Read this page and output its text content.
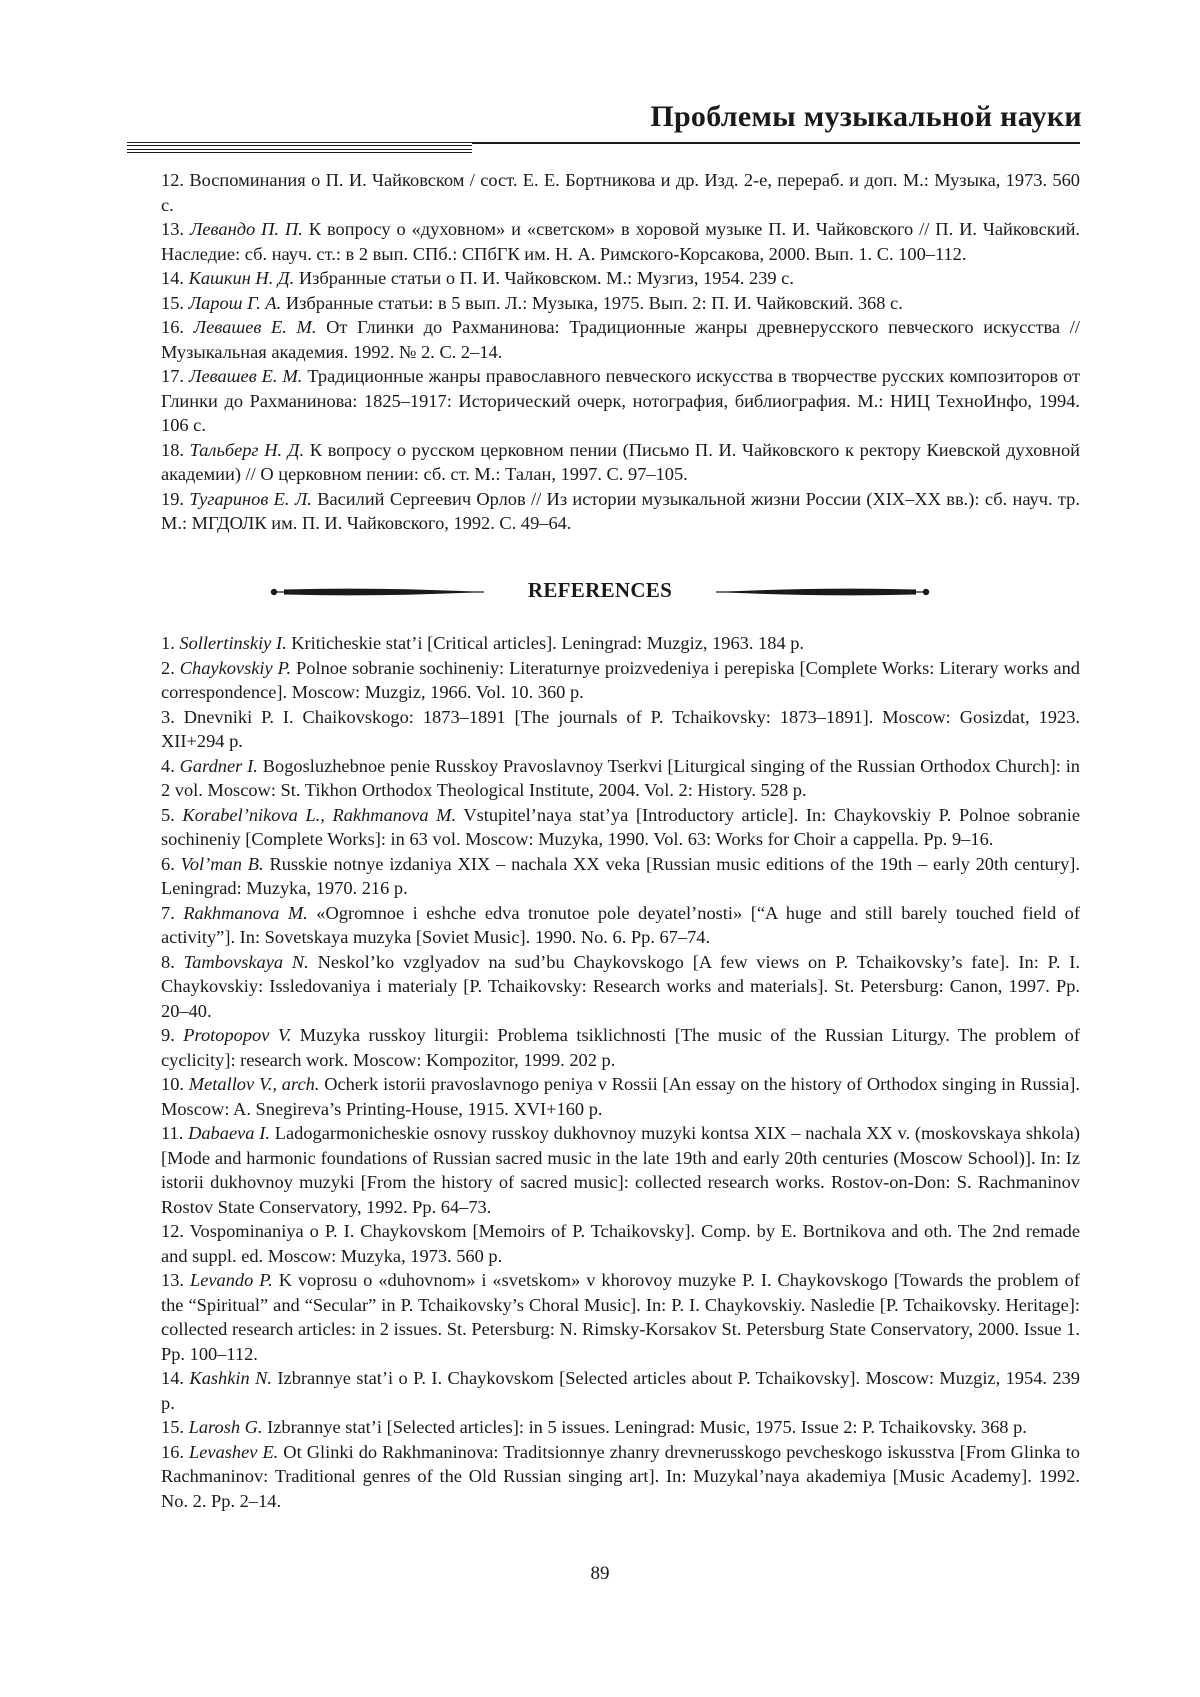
Проблемы музыкальной науки

12. Воспоминания о П. И. Чайковском / сост. Е. Е. Бортникова и др. Изд. 2-е, перераб. и доп. М.: Музыка, 1973. 560 с.

13. Левандо П. П. К вопросу о «духовном» и «светском» в хоровой музыке П. И. Чайковского // П. И. Чайковский. Наследие: сб. науч. ст.: в 2 вып. СПб.: СПбГК им. Н. А. Римского-Корсакова, 2000. Вып. 1. С. 100–112.

14. Кашкин Н. Д. Избранные статьи о П. И. Чайковском. М.: Музгиз, 1954. 239 с.

15. Ларош Г. А. Избранные статьи: в 5 вып. Л.: Музыка, 1975. Вып. 2: П. И. Чайковский. 368 с.

16. Левашев Е. М. От Глинки до Рахманинова: Традиционные жанры древнерусского певческого искусства // Музыкальная академия. 1992. № 2. С. 2–14.

17. Левашев Е. М. Традиционные жанры православного певческого искусства в творчестве русских композиторов от Глинки до Рахманинова: 1825–1917: Исторический очерк, нотография, библиография. М.: НИЦ ТехноИнфо, 1994. 106 с.

18. Тальберг Н. Д. К вопросу о русском церковном пении (Письмо П. И. Чайковского к ректору Киевской духовной академии) // О церковном пении: сб. ст. М.: Талан, 1997. С. 97–105.

19. Тугаринов Е. Л. Василий Сергеевич Орлов // Из истории музыкальной жизни России (XIX–XX вв.): сб. науч. тр. М.: МГДОЛК им. П. И. Чайковского, 1992. С. 49–64.

REFERENCES

1. Sollertinskiy I. Kriticheskie stat’i [Critical articles]. Leningrad: Muzgiz, 1963. 184 p.

2. Chaykovskiy P. Polnoe sobranie sochineniy: Literaturnye proizvedeniya i perepiska [Complete Works: Literary works and correspondence]. Moscow: Muzgiz, 1966. Vol. 10. 360 p.

3. Dnevniki P. I. Chaikovskogo: 1873–1891 [The journals of P. Tchaikovsky: 1873–1891]. Moscow: Gosizdat, 1923. XII+294 p.

4. Gardner I. Bogosluzhebnoe penie Russkoy Pravoslavnoy Tserkvi [Liturgical singing of the Russian Orthodox Church]: in 2 vol. Moscow: St. Tikhon Orthodox Theological Institute, 2004. Vol. 2: History. 528 p.

5. Korabel’nikova L., Rakhmanova M. Vstupitel’naya stat’ya [Introductory article]. In: Chaykovskiy P. Polnoe sobranie sochineniy [Complete Works]: in 63 vol. Moscow: Muzyka, 1990. Vol. 63: Works for Choir a cappella. Pp. 9–16.

6. Vol’man B. Russkie notnye izdaniya XIX – nachala XX veka [Russian music editions of the 19th – early 20th century]. Leningrad: Muzyka, 1970. 216 p.

7. Rakhmanova M. «Ogromnoe i eshche edva tronutoe pole deyatel’nosti» [“A huge and still barely touched field of activity”]. In: Sovetskaya muzyka [Soviet Music]. 1990. No. 6. Pp. 67–74.

8. Tambovskaya N. Neskol’ko vzglyadov na sud’bu Chaykovskogo [A few views on P. Tchaikovsky’s fate]. In: P. I. Chaykovskiy: Issledovaniya i materialy [P. Tchaikovsky: Research works and materials]. St. Petersburg: Canon, 1997. Pp. 20–40.

9. Protopopov V. Muzyka russkoy liturgii: Problema tsiklichnosti [The music of the Russian Liturgy. The problem of cyclicity]: research work. Moscow: Kompozitor, 1999. 202 p.

10. Metallov V., arch. Ocherk istorii pravoslavnogo peniya v Rossii [An essay on the history of Orthodox singing in Russia]. Moscow: A. Snegireva’s Printing-House, 1915. XVI+160 p.

11. Dabaeva I. Ladogarmonicheskie osnovy russkoy dukhovnoy muzyki kontsa XIX – nachala XX v. (moskovskaya shkola) [Mode and harmonic foundations of Russian sacred music in the late 19th and early 20th centuries (Moscow School)]. In: Iz istorii dukhovnoy muzyki [From the history of sacred music]: collected research works. Rostov-on-Don: S. Rachmaninov Rostov State Conservatory, 1992. Pp. 64–73.

12. Vospominaniya o P. I. Chaykovskom [Memoirs of P. Tchaikovsky]. Comp. by E. Bortnikova and oth. The 2nd remade and suppl. ed. Moscow: Muzyka, 1973. 560 p.

13. Levando P. K voprosu o «duhovnom» i «svetskom» v khorovoy muzyke P. I. Chaykovskogo [Towards the problem of the “Spiritual” and “Secular” in P. Tchaikovsky’s Choral Music]. In: P. I. Chaykovskiy. Nasledie [P. Tchaikovsky. Heritage]: collected research articles: in 2 issues. St. Petersburg: N. Rimsky-Korsakov St. Petersburg State Conservatory, 2000. Issue 1. Pp. 100–112.

14. Kashkin N. Izbrannye stat’i o P. I. Chaykovskom [Selected articles about P. Tchaikovsky]. Moscow: Muzgiz, 1954. 239 p.

15. Larosh G. Izbrannye stat’i [Selected articles]: in 5 issues. Leningrad: Music, 1975. Issue 2: P. Tchaikovsky. 368 p.

16. Levashev E. Ot Glinki do Rakhmaninova: Traditsionnye zhanry drevnerusskogo pevcheskogo iskusstva [From Glinka to Rachmaninov: Traditional genres of the Old Russian singing art]. In: Muzykal’naya akademiya [Music Academy]. 1992. No. 2. Pp. 2–14.

89
